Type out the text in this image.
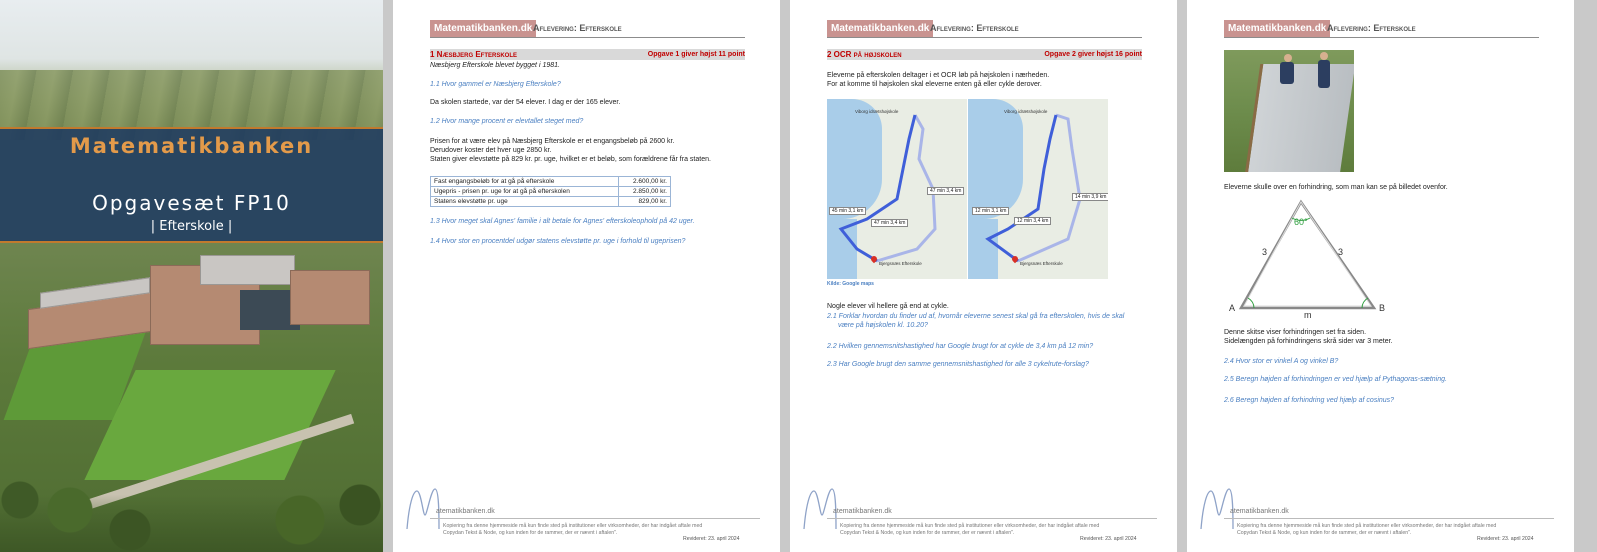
Matematikbanken
Opgavesæt FP10
| Efterskole |
Matematikbanken.dk Aflevering: Efterskole
1 Næsbjerg Efterskole	Opgave 1 giver højst 11 point
Næsbjerg Efterskole blevet bygget i 1981.
1.1 Hvor gammel er Næsbjerg Efterskole?
Da skolen startede, var der 54 elever. I dag er der 165 elever.
1.2 Hvor mange procent er elevtallet steget med?
Prisen for at være elev på Næsbjerg Efterskole er et engangsbeløb på 2600 kr.
Derudover koster det hver uge 2850 kr.
Staten giver elevstøtte på 829 kr. pr. uge, hvilket er et beløb, som forældrene får fra staten.
Fast engangsbeløb for at gå på efterskole	2.600,00 kr.
Ugepris - prisen pr. uge for at gå på efterskolen	2.850,00 kr.
Statens elevstøtte pr. uge	829,00 kr.
1.3 Hvor meget skal Agnes' familie i alt betale for Agnes' efterskoleophold på 42 uger.
1.4 Hvor stor en procentdel udgør statens elevstøtte pr. uge i forhold til ugeprisen?
atematikbanken.dk
Kopiering fra denne hjemmeside må kun finde sted på institutioner eller virksomheder, der har indgået aftale med
Copydan Tekst & Node, og kun inden for de rammer, der er nævnt i aftalen".
Revideret: 23. april 2024
Matematikbanken.dk Aflevering: Efterskole
2 OCR på højskolen	Opgave 2 giver højst 16 point
Eleverne på efterskolen deltager i et OCR løb på højskolen i nærheden.
For at komme til højskolen skal eleverne enten gå eller cykle derover.
Viborg idrætshøjskole
45 min 3,1 km
47 min 3,4 km
47 min 3,4 km
Bjergsnæs Efterskole
Viborg idrætshøjskole
12 min 3,1 km
12 min 3,4 km
14 min 3,9 km
Bjergsnæs Efterskole
Kilde: Google maps
Nogle elever vil hellere gå end at cykle.
2.1 Forklar hvordan du finder ud af, hvornår eleverne senest skal gå fra efterskolen, hvis de skal
være på højskolen kl. 10.20?
2.2 Hvilken gennemsnitshastighed har Google brugt for at cykle de 3,4 km på 12 min?
2.3 Har Google brugt den samme gennemsnitshastighed for alle 3 cykelrute-forslag?
atematikbanken.dk
Kopiering fra denne hjemmeside må kun finde sted på institutioner eller virksomheder, der har indgået aftale med
Copydan Tekst & Node, og kun inden for de rammer, der er nævnt i aftalen".
Revideret: 23. april 2024
Matematikbanken.dk Aflevering: Efterskole
Eleverne skulle over en forhindring, som man kan se på billedet ovenfor.
60°
3	3
A	B
m
Denne skitse viser forhindringen set fra siden.
Sidelængden på forhindringens skrå sider var 3 meter.
2.4 Hvor stor er vinkel A og vinkel B?
2.5 Beregn højden af forhindringen er ved hjælp af Pythagoras-sætning.
2.6 Beregn højden af forhindring ved hjælp af cosinus?
atematikbanken.dk
Kopiering fra denne hjemmeside må kun finde sted på institutioner eller virksomheder, der har indgået aftale med
Copydan Tekst & Node, og kun inden for de rammer, der er nævnt i aftalen".
Revideret: 23. april 2024
